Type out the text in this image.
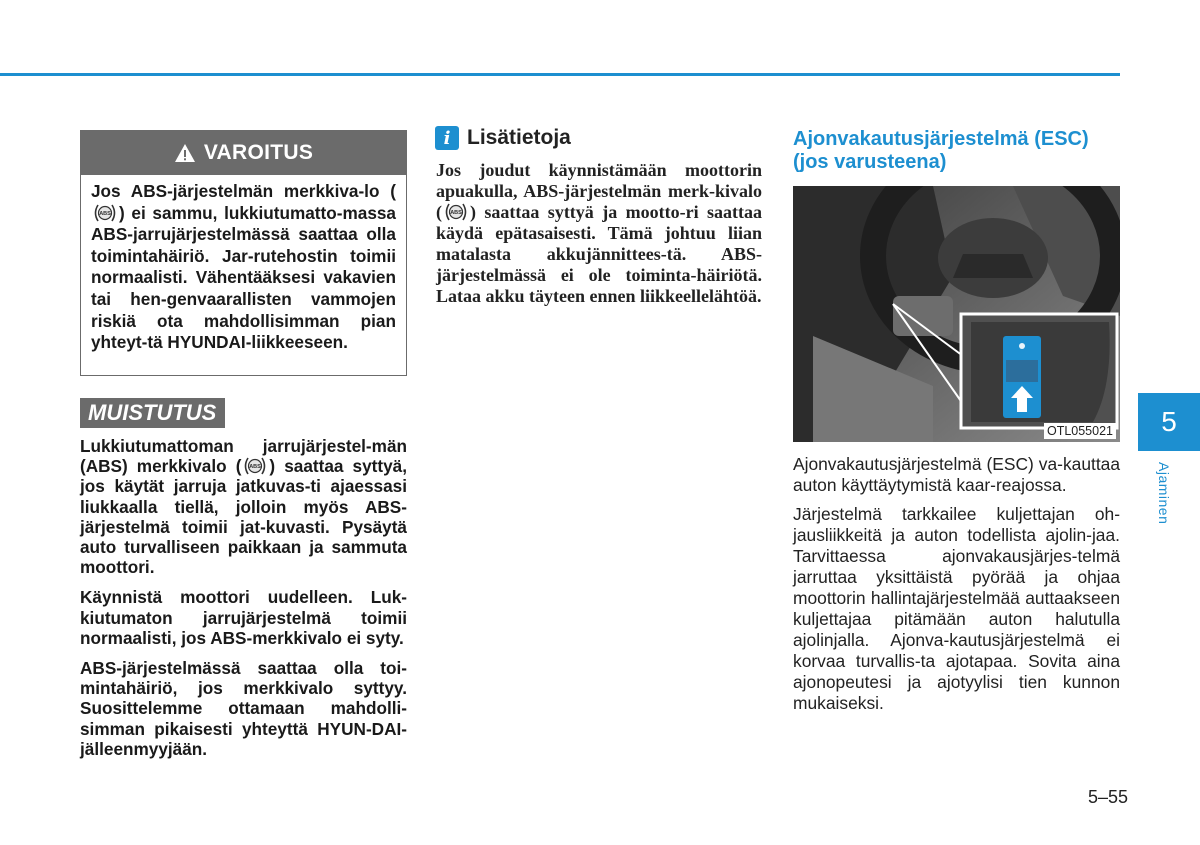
VAROITUS
Jos ABS-järjestelmän merkkiva-lo (
ABS ) ei sammu, lukkiutumatto-massa ABS-jarrujärjestelmässä saattaa olla toimintahäiriö. Jar-rutehostin toimii normaalisti. Vähentääksesi vakavien tai hen-genvaarallisten vammojen riskiä ota mahdollisimman pian yhteyt-tä HYUNDAI-liikkeeseen.
MUISTUTUS

Lukkiutumattoman jarrujärjestel-män (ABS) merkkivalo ( ABS ) saattaa syttyä, jos käytät jarruja jatkuvas-ti ajaessasi liukkaalla tiellä, jolloin myös ABS-järjestelmä toimii jat-kuvasti. Pysäytä auto turvalliseen paikkaan ja sammuta moottori.

Käynnistä moottori uudelleen. Luk-kiutumaton jarrujärjestelmä toimii normaalisti, jos ABS-merkkivalo ei syty.

ABS-järjestelmässä saattaa olla toi-mintahäiriö, jos merkkivalo syttyy. Suosittelemme ottamaan mahdolli-simman pikaisesti yhteyttä HYUN-DAI-jälleenmyyjään.

i Lisätietoja
Jos joudut käynnistämään moottorin apuakulla, ABS-järjestelmän merk-kivalo ( ABS ) saattaa syttyä ja mootto-ri saattaa käydä epätasaisesti. Tämä johtuu liian matalasta akkujännittees-tä. ABS-järjestelmässä ei ole toiminta-häiriötä. Lataa akku täyteen ennen liikkeellelähtöä.
Ajonvakautusjärjestelmä (ESC) (jos varusteena)
OTL055021

Ajonvakautusjärjestelmä (ESC) va-kauttaa auton käyttäytymistä kaar-reajossa.

Järjestelmä tarkkailee kuljettajan oh-jausliikkeitä ja auton todellista ajolin-jaa. Tarvittaessa ajonvakausjärjes-telmä jarruttaa yksittäistä pyörää ja ohjaa moottorin hallintajärjestelmää auttaakseen kuljettajaa pitämään auton halutulla ajolinjalla. Ajonva-kautusjärjestelmä ei korvaa turvallis-ta ajotapaa. Sovita aina ajonopeutesi ja ajotyylisi tien kunnon mukaiseksi.

5
Ajaminen
5–55
